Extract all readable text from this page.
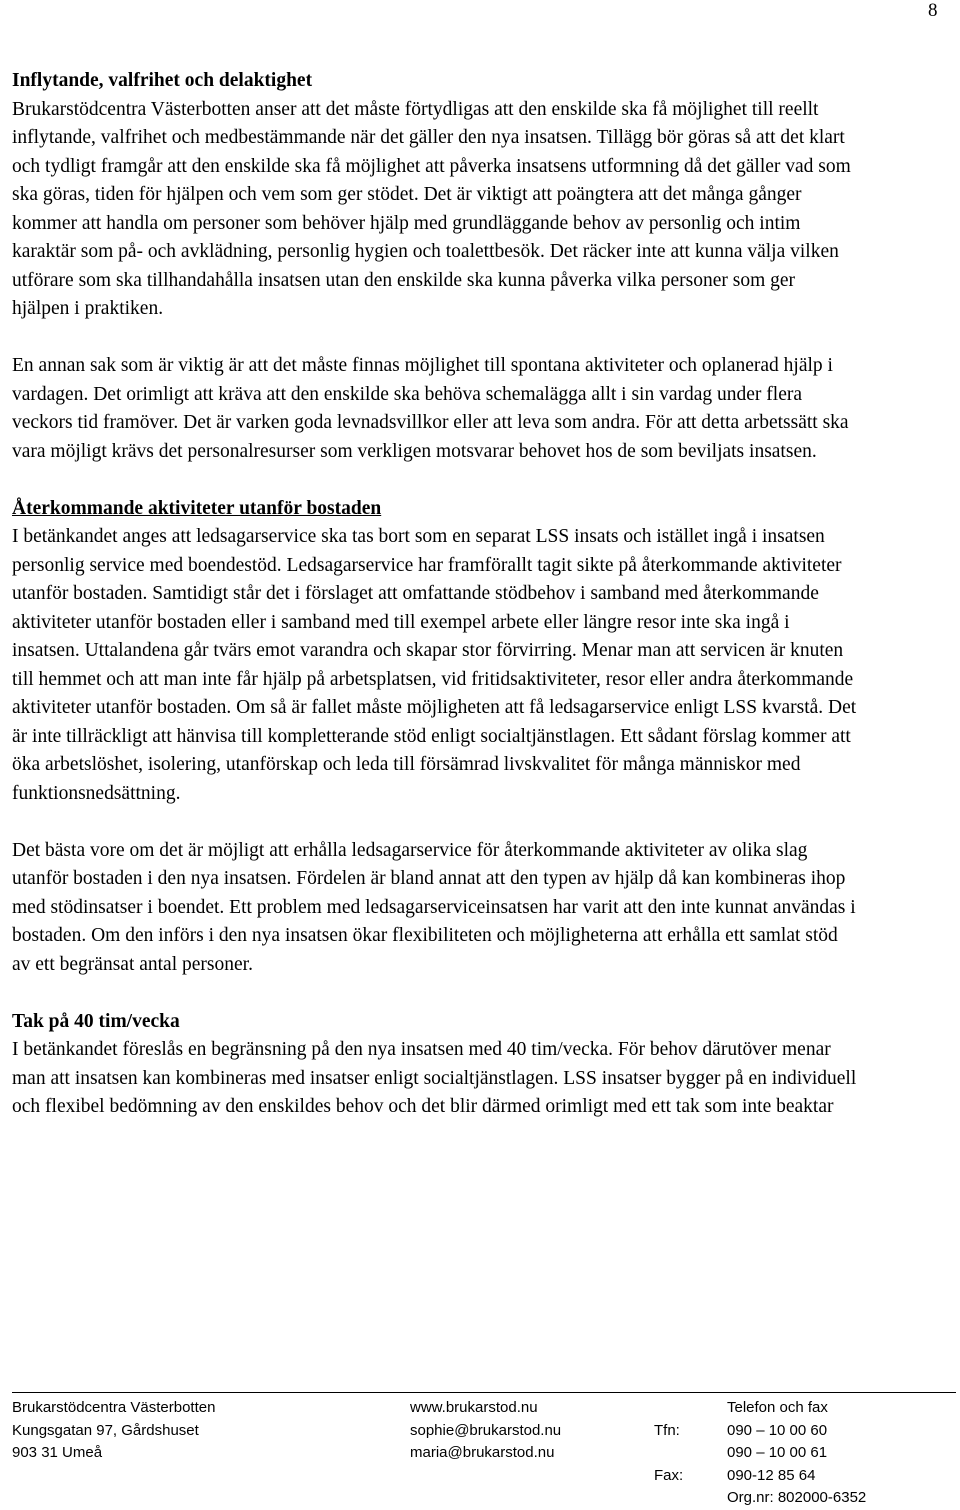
8
Inflytande, valfrihet och delaktighet

Brukarstödcentra Västerbotten anser att det måste förtydligas att den enskilde ska få möjlighet till reellt inflytande, valfrihet och medbestämmande när det gäller den nya insatsen. Tillägg bör göras så att det klart och tydligt framgår att den enskilde ska få möjlighet att påverka insatsens utformning då det gäller vad som ska göras, tiden för hjälpen och vem som ger stödet. Det är viktigt att poängtera att det många gånger kommer att handla om personer som behöver hjälp med grundläggande behov av personlig och intim karaktär som på- och avklädning, personlig hygien och toalettbesök. Det räcker inte att kunna välja vilken utförare som ska tillhandahålla insatsen utan den enskilde ska kunna påverka vilka personer som ger hjälpen i praktiken.

En annan sak som är viktig är att det måste finnas möjlighet till spontana aktiviteter och oplanerad hjälp i vardagen. Det orimligt att kräva att den enskilde ska behöva schemalägga allt i sin vardag under flera veckors tid framöver. Det är varken goda levnadsvillkor eller att leva som andra. För att detta arbetssätt ska vara möjligt krävs det personalresurser som verkligen motsvarar behovet hos de som beviljats insatsen.

Återkommande aktiviteter utanför bostaden

I betänkandet anges att ledsagarservice ska tas bort som en separat LSS insats och istället ingå i insatsen personlig service med boendestöd. Ledsagarservice har framförallt tagit sikte på återkommande aktiviteter utanför bostaden. Samtidigt står det i förslaget att omfattande stödbehov i samband med återkommande aktiviteter utanför bostaden eller i samband med till exempel arbete eller längre resor inte ska ingå i insatsen. Uttalandena går tvärs emot varandra och skapar stor förvirring. Menar man att servicen är knuten till hemmet och att man inte får hjälp på arbetsplatsen, vid fritidsaktiviteter, resor eller andra återkommande aktiviteter utanför bostaden. Om så är fallet måste möjligheten att få ledsagarservice enligt LSS kvarstå. Det är inte tillräckligt att hänvisa till kompletterande stöd enligt socialtjänstlagen. Ett sådant förslag kommer att öka arbetslöshet, isolering, utanförskap och leda till försämrad livskvalitet för många människor med funktionsnedsättning.

Det bästa vore om det är möjligt att erhålla ledsagarservice för återkommande aktiviteter av olika slag utanför bostaden i den nya insatsen. Fördelen är bland annat att den typen av hjälp då kan kombineras ihop med stödinsatser i boendet. Ett problem med ledsagarserviceinsatsen har varit att den inte kunnat användas i bostaden. Om den införs i den nya insatsen ökar flexibiliteten och möjligheterna att erhålla ett samlat stöd av ett begränsat antal personer.

Tak på 40 tim/vecka

I betänkandet föreslås en begränsning på den nya insatsen med 40 tim/vecka. För behov därutöver menar man att insatsen kan kombineras med insatser enligt socialtjänstlagen. LSS insatser bygger på en individuell och flexibel bedömning av den enskildes behov och det blir därmed orimligt med ett tak som inte beaktar

Brukarstödcentra Västerbotten
Kungsgatan 97, Gårdshuset
903 31 Umeå
www.brukarstod.nu
sophie@brukarstod.nu
maria@brukarstod.nu

Tfn:

Fax:
Telefon och fax
090 – 10 00 60
090 – 10 00 61
090-12 85 64
Org.nr: 802000-6352
